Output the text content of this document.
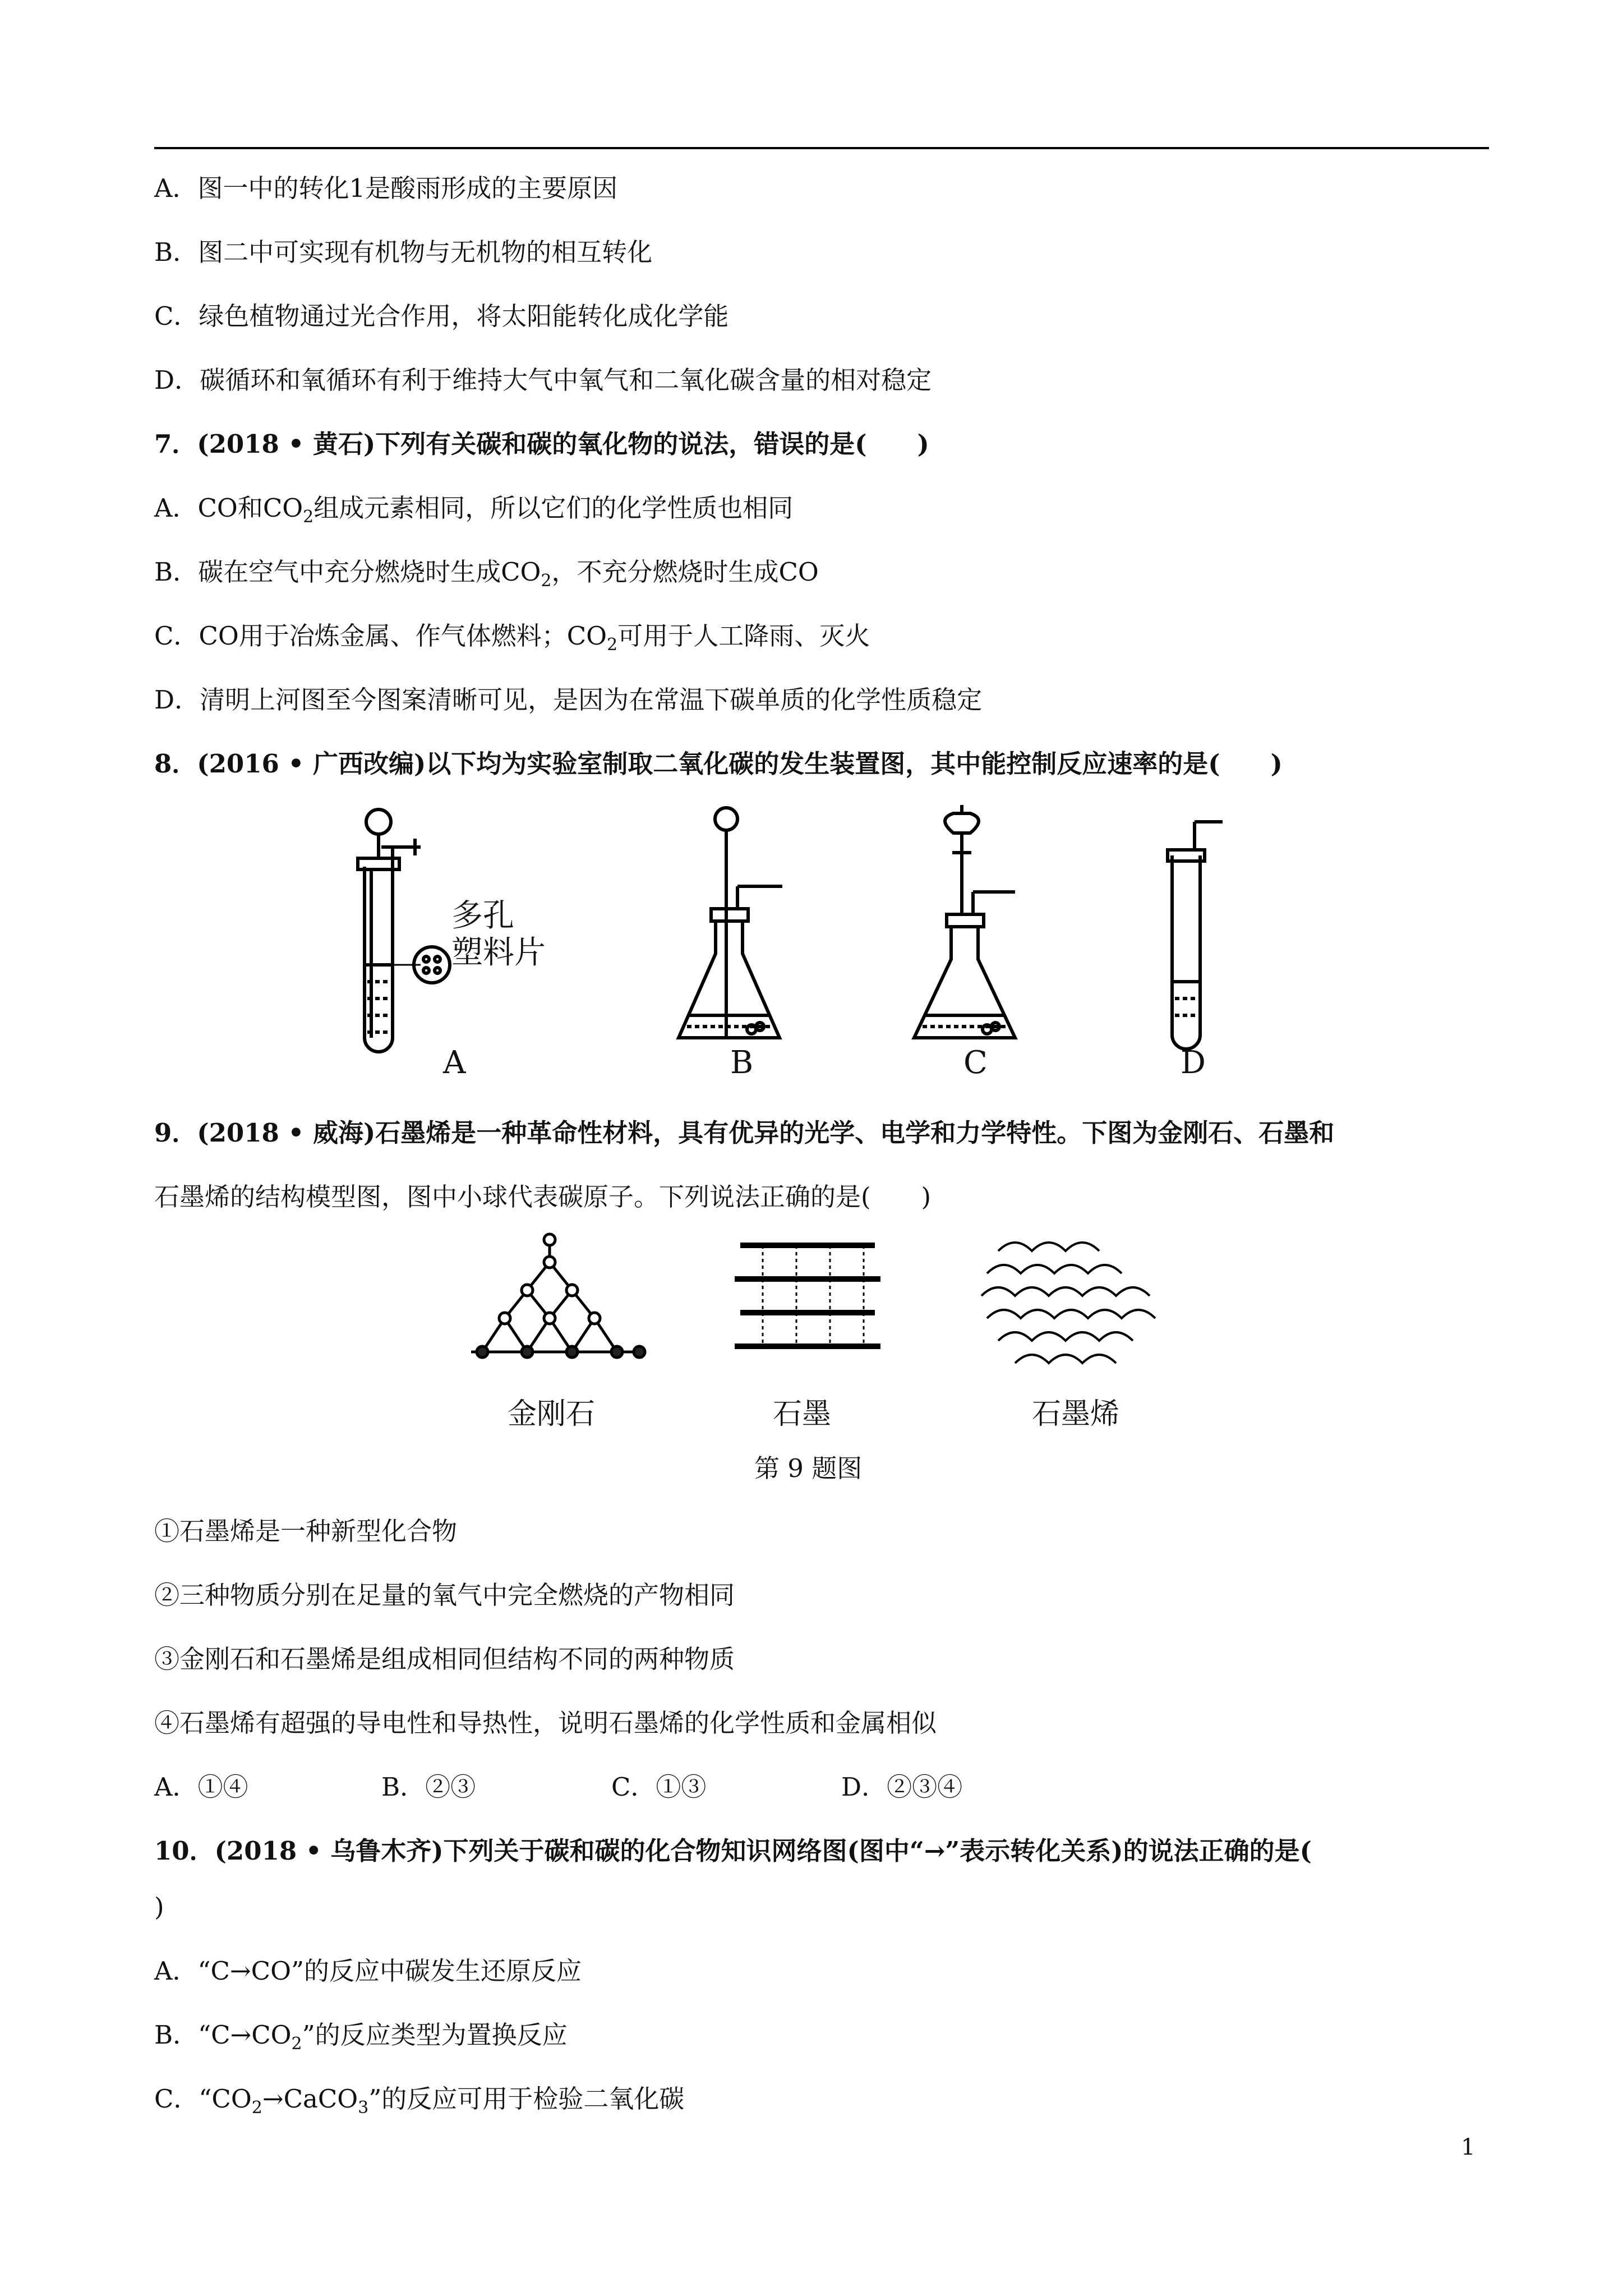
A．图一中的转化1是酸雨形成的主要原因
B．图二中可实现有机物与无机物的相互转化
C．绿色植物通过光合作用，将太阳能转化成化学能
D．碳循环和氧循环有利于维持大气中氧气和二氧化碳含量的相对稳定
7．(2018 • 黄石)下列有关碳和碳的氧化物的说法，错误的是(　　)
A．CO和$CO_2$组成元素相同，所以它们的化学性质也相同
B．碳在空气中充分燃烧时生成$CO_2$，不充分燃烧时生成CO
C．CO用于冶炼金属、作气体燃料；$CO_2$可用于人工降雨、灭火
D．清明上河图至今图案清晰可见，是因为在常温下碳单质的化学性质稳定
8．(2016 • 广西改编)以下均为实验室制取二氧化碳的发生装置图，其中能控制反应速率的是(　　)
多孔
塑料片
A	B	C	D
9．(2018 • 威海)石墨烯是一种革命性材料，具有优异的光学、电学和力学特性。下图为金刚石、石墨和
石墨烯的结构模型图，图中小球代表碳原子。下列说法正确的是(　　)
金刚石	石墨	石墨烯
第 9 题图
①石墨烯是一种新型化合物
②三种物质分别在足量的氧气中完全燃烧的产物相同
③金刚石和石墨烯是组成相同但结构不同的两种物质
④石墨烯有超强的导电性和导热性，说明石墨烯的化学性质和金属相似
A．①④	B．②③	C．①③	D．②③④
10．(2018 • 乌鲁木齐)下列关于碳和碳的化合物知识网络图(图中“→”表示转化关系)的说法正确的是(
)
A．“C→CO”的反应中碳发生还原反应
B．“$C\to CO_2$”的反应类型为置换反应
C．“$CO_2\to CaCO_3$”的反应可用于检验二氧化碳
1
